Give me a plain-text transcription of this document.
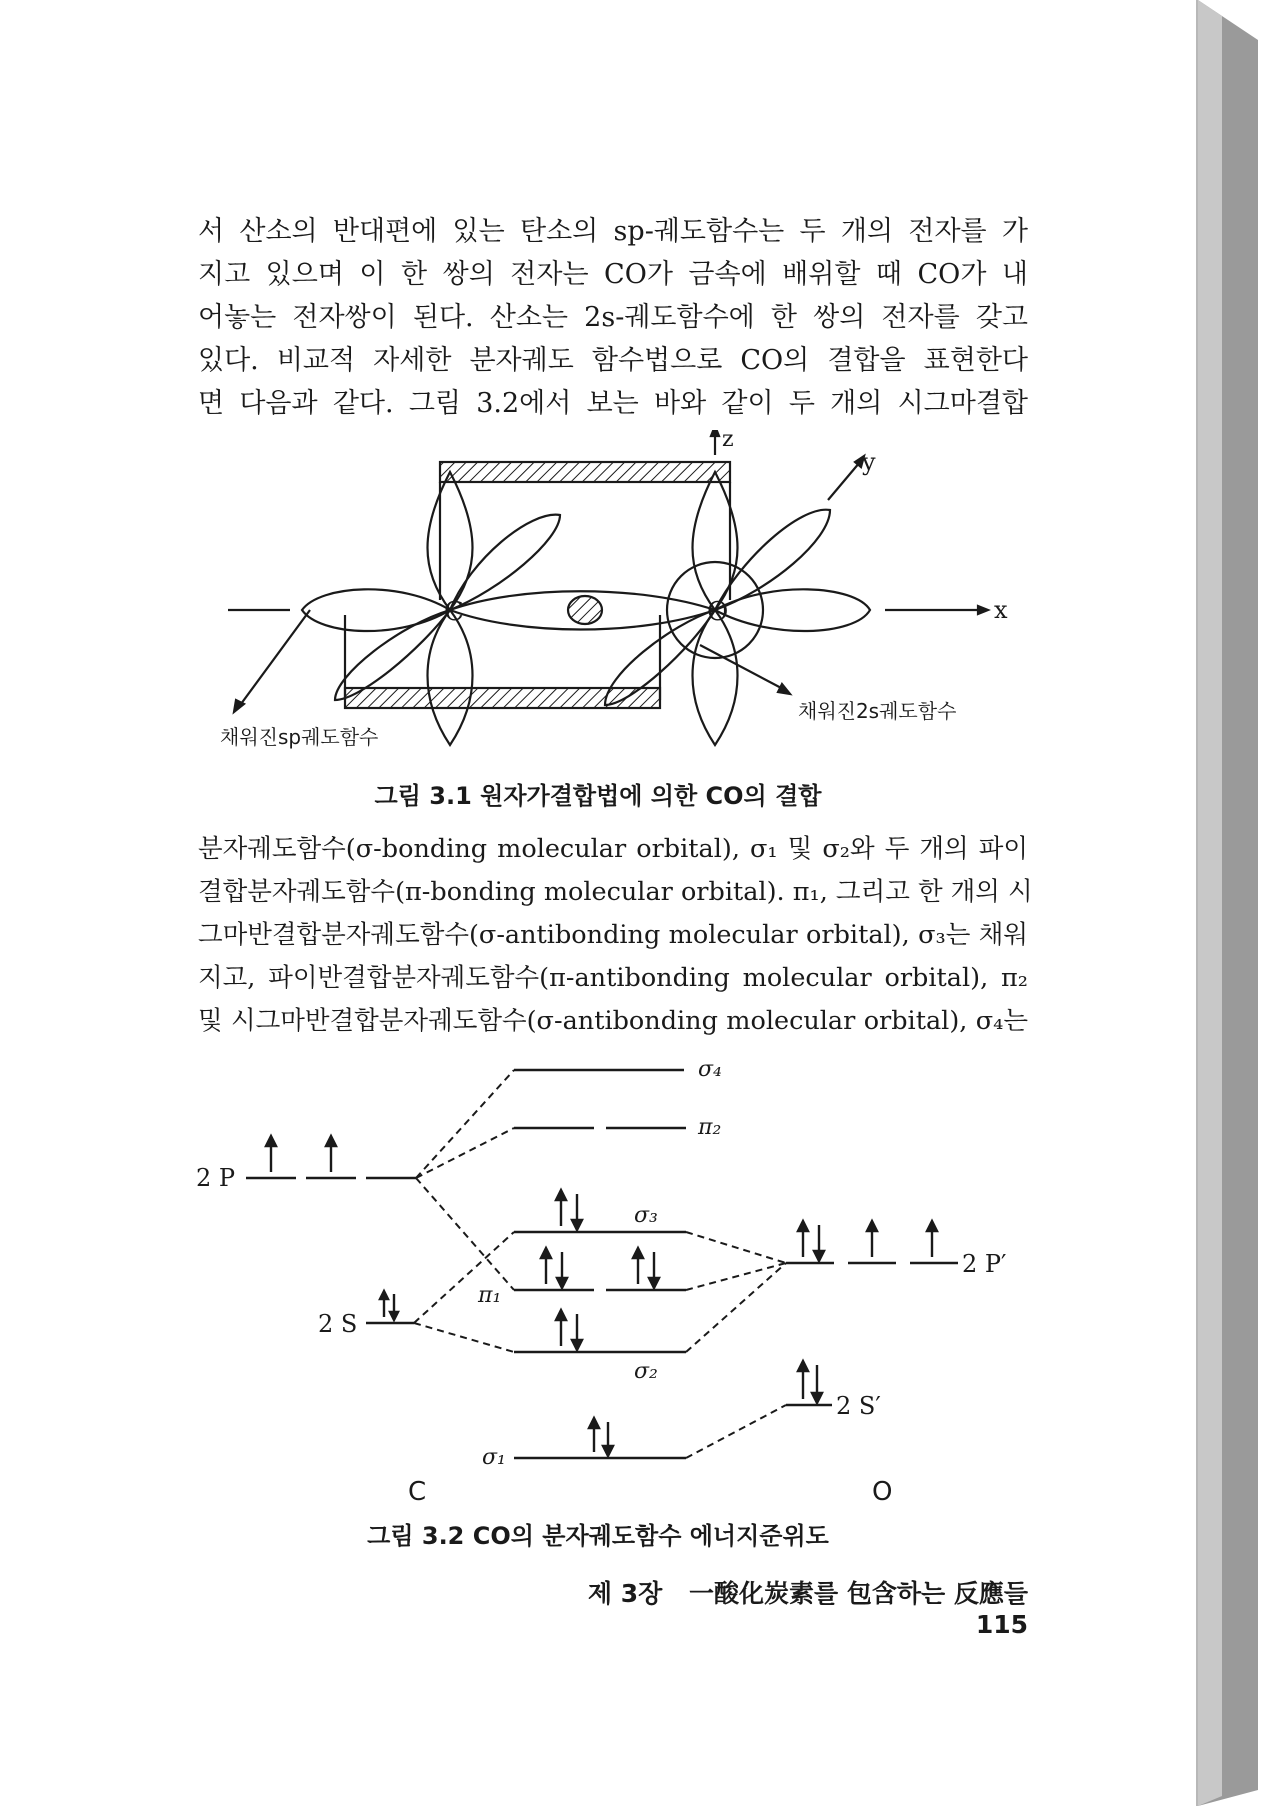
서 산소의 반대편에 있는 탄소의 sp-궤도함수는 두 개의 전자를 가
지고 있으며 이 한 쌍의 전자는 CO가 금속에 배위할 때 CO가 내
어놓는 전자쌍이 된다. 산소는 2s-궤도함수에 한 쌍의 전자를 갖고
있다. 비교적 자세한 분자궤도 함수법으로 CO의 결합을 표현한다
면 다음과 같다. 그림 3.2에서 보는 바와 같이 두 개의 시그마결합
C	O	x
y
z
채워진sp궤도함수
채워진2s궤도함수
그림 3.1 원자가결합법에 의한 CO의 결합
분자궤도함수(σ-bonding molecular orbital), σ₁ 및 σ₂와 두 개의 파이
결합분자궤도함수(π-bonding molecular orbital). π₁, 그리고 한 개의 시
그마반결합분자궤도함수(σ-antibonding molecular orbital), σ₃는 채워
지고, 파이반결합분자궤도함수(π-antibonding molecular orbital), π₂
및 시그마반결합분자궤도함수(σ-antibonding molecular orbital), σ₄는
2 P
2 S
2 P′
2 S′
σ₄
π₂
σ₃
π₁
σ₂
σ₁
C	O
그림 3.2 CO의 분자궤도함수 에너지준위도
제 3장 一酸化炭素를 包含하는 反應들 115
